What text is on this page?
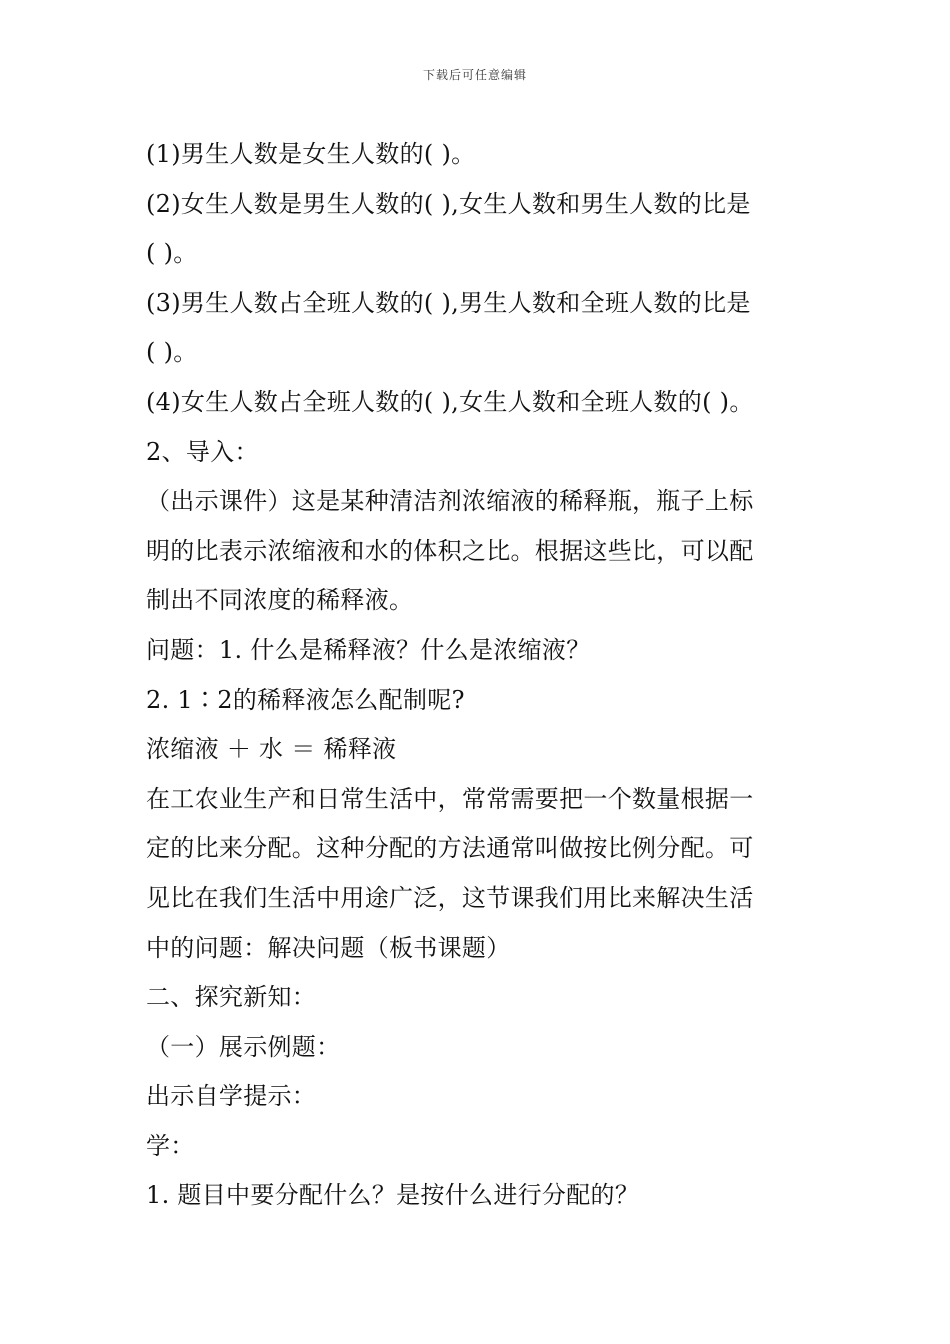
下载后可任意编辑
(1)男生人数是女生人数的( )。
(2)女生人数是男生人数的( ),女生人数和男生人数的比是
( )。
(3)男生人数占全班人数的( ),男生人数和全班人数的比是
( )。
(4)女生人数占全班人数的( ),女生人数和全班人数的( )。
2、导入：
（出示课件）这是某种清洁剂浓缩液的稀释瓶，瓶子上标
明的比表示浓缩液和水的体积之比。根据这些比，可以配
制出不同浓度的稀释液。
问题：1. 什么是稀释液？什么是浓缩液？
2. 1∶2的稀释液怎么配制呢?
浓缩液 ＋ 水 ＝ 稀释液
在工农业生产和日常生活中，常常需要把一个数量根据一
定的比来分配。这种分配的方法通常叫做按比例分配。可
见比在我们生活中用途广泛，这节课我们用比来解决生活
中的问题：解决问题（板书课题）
二、探究新知：
（一）展示例题：
出示自学提示：
学：
1. 题目中要分配什么？是按什么进行分配的？
